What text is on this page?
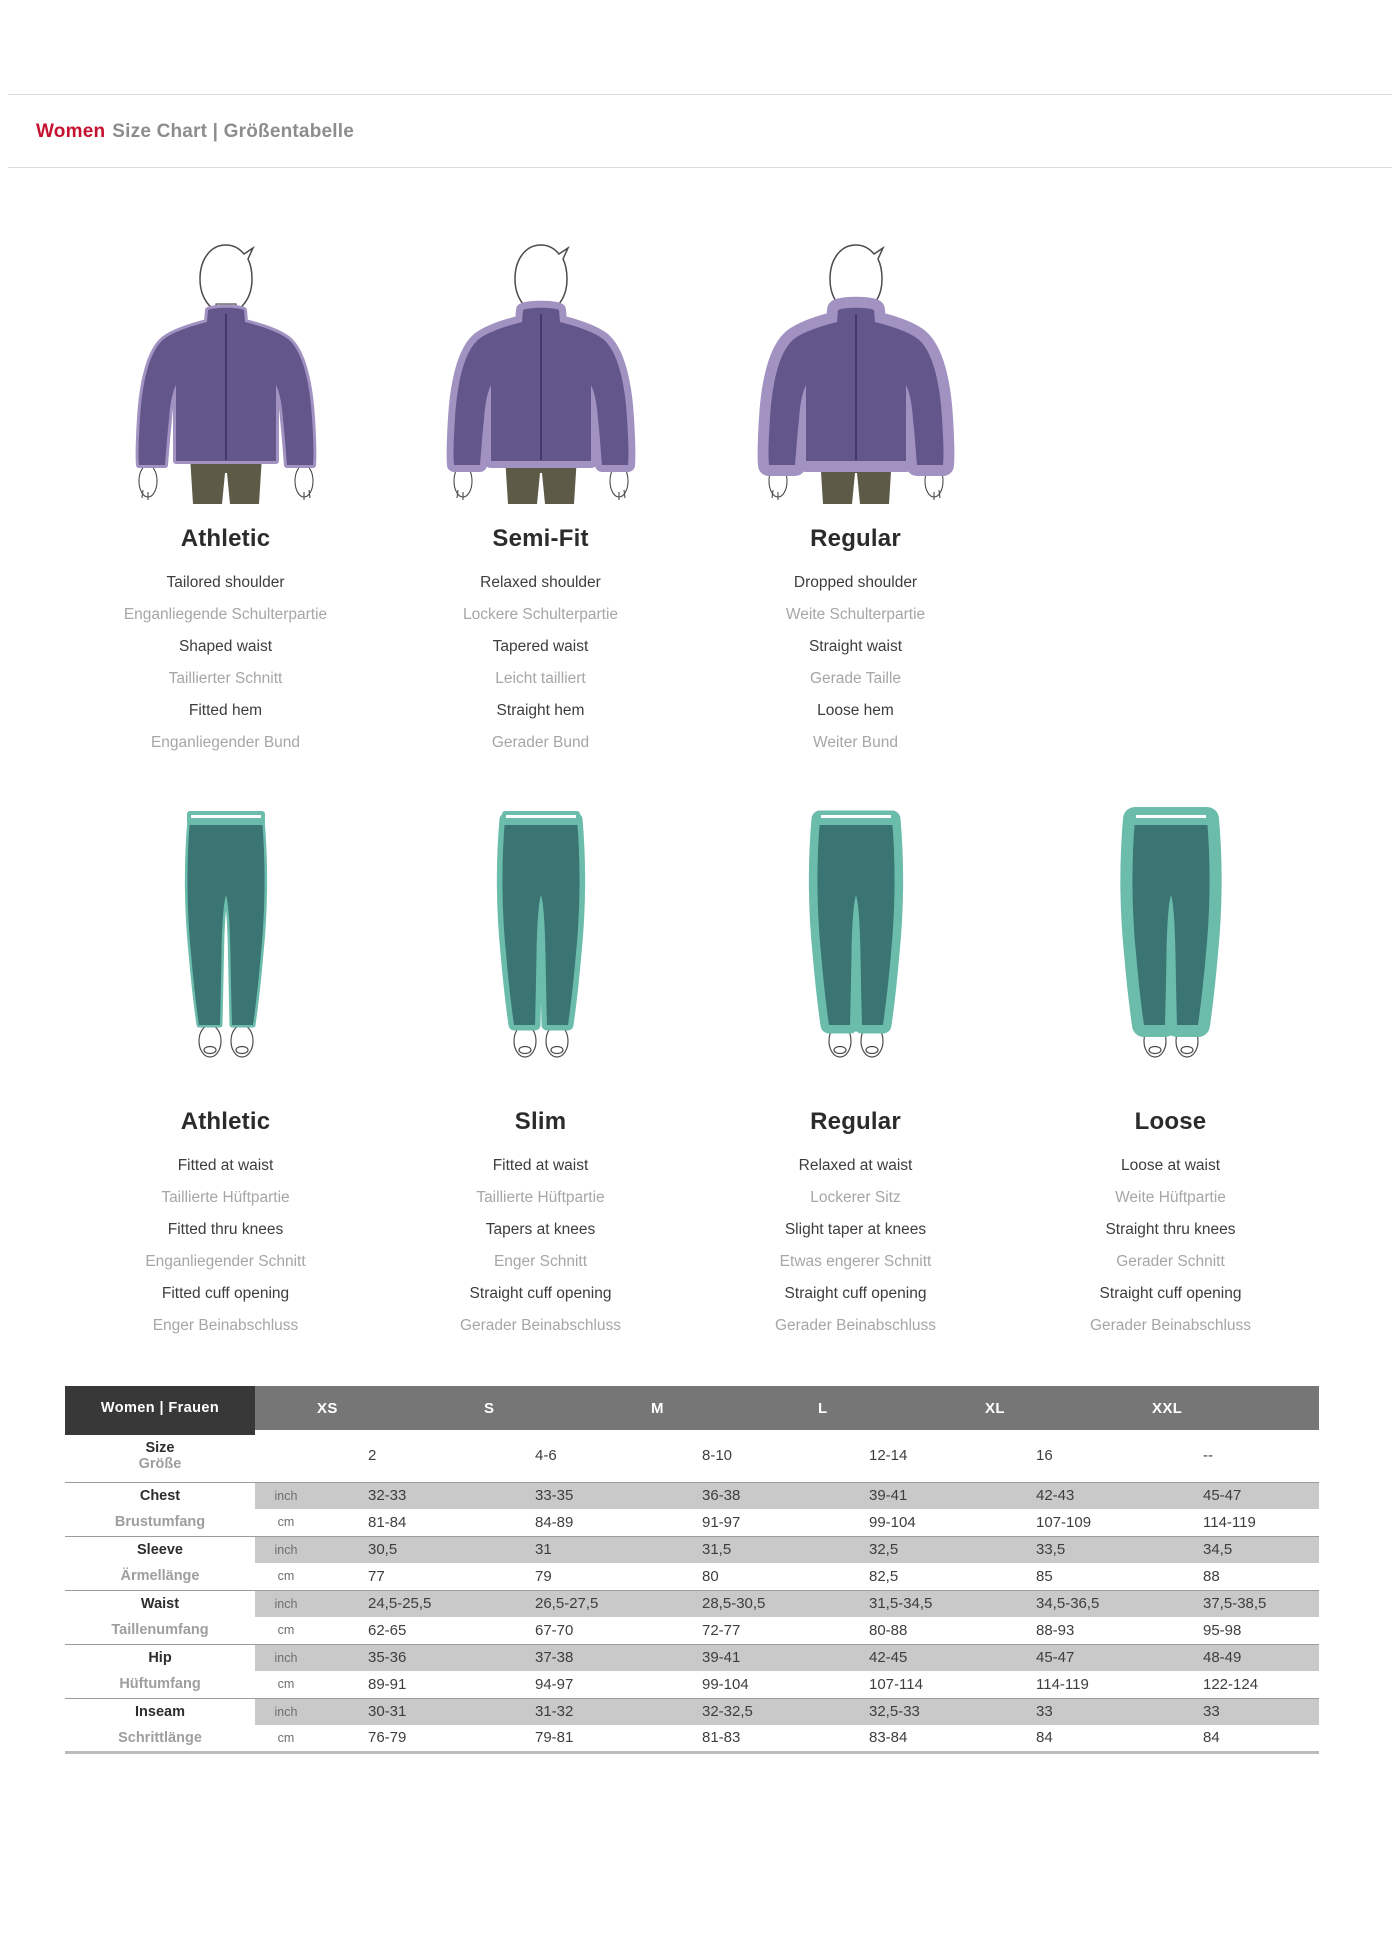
Women Size Chart | Größentabelle
Athletic
Tailored shoulder
Enganliegende Schulterpartie
Shaped waist
Taillierter Schnitt
Fitted hem
Enganliegender Bund
Semi-Fit
Relaxed shoulder
Lockere Schulterpartie
Tapered waist
Leicht tailliert
Straight hem
Gerader Bund
Regular
Dropped shoulder
Weite Schulterpartie
Straight waist
Gerade Taille
Loose hem
Weiter Bund
Athletic
Fitted at waist
Taillierte Hüftpartie
Fitted thru knees
Enganliegender Schnitt
Fitted cuff opening
Enger Beinabschluss
Slim
Fitted at waist
Taillierte Hüftpartie
Tapers at knees
Enger Schnitt
Straight cuff opening
Gerader Beinabschluss
Regular
Relaxed at waist
Lockerer Sitz
Slight taper at knees
Etwas engerer Schnitt
Straight cuff opening
Gerader Beinabschluss
Loose
Loose at waist
Weite Hüftpartie
Straight thru knees
Gerader Schnitt
Straight cuff opening
Gerader Beinabschluss
Women | Frauen		XS	S	M	L	XL	XXL

Size
Größe		2	4-6	8-10	12-14	16	--
Chest	inch	32-33	33-35	36-38	39-41	42-43	45-47
Brustumfang	cm	81-84	84-89	91-97	99-104	107-109	114-119
Sleeve	inch	30,5	31	31,5	32,5	33,5	34,5
Ärmellänge	cm	77	79	80	82,5	85	88
Waist	inch	24,5-25,5	26,5-27,5	28,5-30,5	31,5-34,5	34,5-36,5	37,5-38,5
Taillenumfang	cm	62-65	67-70	72-77	80-88	88-93	95-98
Hip	inch	35-36	37-38	39-41	42-45	45-47	48-49
Hüftumfang	cm	89-91	94-97	99-104	107-114	114-119	122-124
Inseam	inch	30-31	31-32	32-32,5	32,5-33	33	33
Schrittlänge	cm	76-79	79-81	81-83	83-84	84	84
